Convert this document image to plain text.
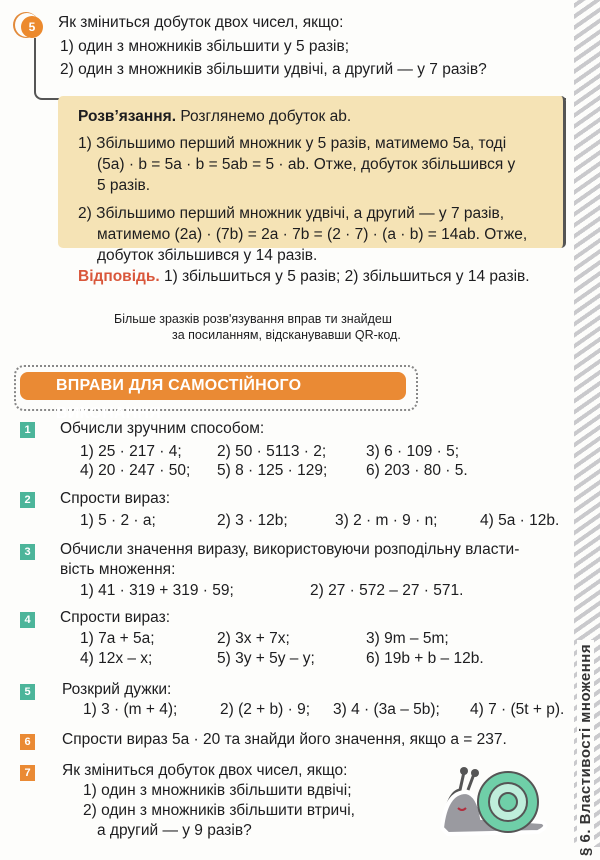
§ 6. Властивості множення
5	Як зміниться добуток двох чисел, якщо:
1) один з множників збільшити у 5 разів;
2) один з множників збільшити удвічі, а другий — у 7 разів?
Розв’язання. Розглянемо добуток ab.
1) Збільшимо перший множник у 5 разів, матимемо 5a, тоді
(5a) · b = 5a · b = 5ab = 5 · ab. Отже, добуток збільшився у
5 разів.
2) Збільшимо перший множник удвічі, а другий — у 7 разів,
матимемо (2a) · (7b) = 2a · 7b = (2 · 7) · (a · b) = 14ab. Отже,
добуток збільшився у 14 разів.
Відповідь. 1) збільшиться у 5 разів; 2) збільшиться у 14 разів.
Більше зразків розв'язування вправ ти знайдеш
за посиланням, відсканувавши QR-код.
ВПРАВИ ДЛЯ САМОСТІЙНОГО ВИКОНАННЯ
1 Обчисли зручним способом:
1) 25 · 217 · 4; 2) 50 · 5113 · 2;	3) 6 · 109 · 5;
4) 20 · 247 · 50; 5) 8 · 125 · 129; 6) 203 · 80 · 5.
2 Спрости вираз:
1) 5 · 2 · a;	2) 3 · 12b;	3) 2 · m · 9 · n;	4) 5a · 12b.
3 Обчисли значення виразу, використовуючи розподільну власти-
вість множення:
1) 41 · 319 + 319 · 59;	2) 27 · 572 – 27 · 571.
4 Спрости вираз:
1) 7a + 5a;	2) 3x + 7x;	3) 9m – 5m;
4) 12x – x;	5) 3y + 5y – y;	6) 19b + b – 12b.
5 Розкрий дужки:
1) 3 · (m + 4);	2) (2 + b) · 9; 3) 4 · (3a – 5b); 4) 7 · (5t + p).
6 Спрости вираз 5a · 20 та знайди його значення, якщо a = 237.
7 Як зміниться добуток двох чисел, якщо:
1) один з множників збільшити вдвічі;
2) один з множників збільшити втричі,
а другий — у 9 разів?
